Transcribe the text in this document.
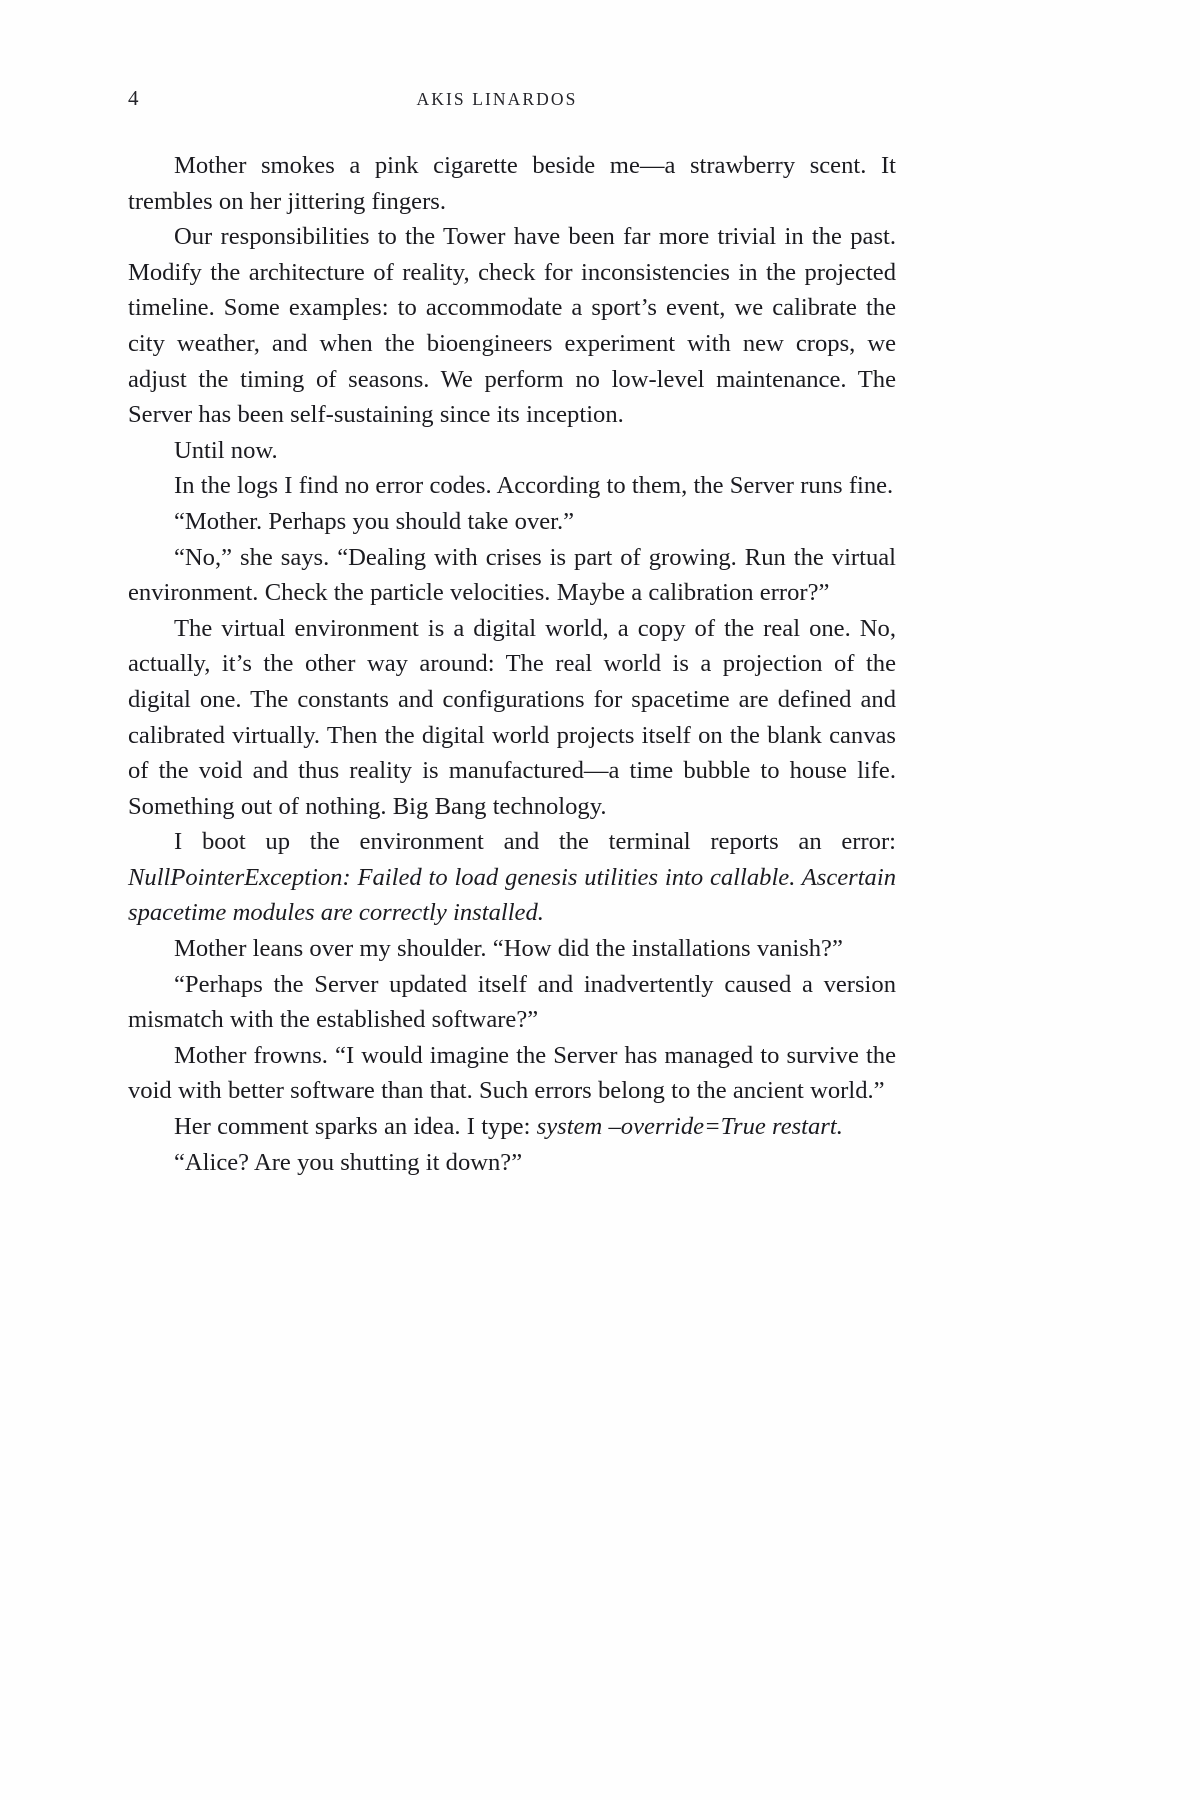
4	AKIS LINARDOS

Mother smokes a pink cigarette beside me—a strawberry scent. It trembles on her jittering fingers.

Our responsibilities to the Tower have been far more trivial in the past. Modify the architecture of reality, check for inconsistencies in the projected timeline. Some examples: to accommodate a sport’s event, we calibrate the city weather, and when the bioengineers experiment with new crops, we adjust the timing of seasons. We perform no low-level maintenance. The Server has been self-sustaining since its inception.

Until now.

In the logs I find no error codes. According to them, the Server runs fine.

“Mother. Perhaps you should take over.”

“No,” she says. “Dealing with crises is part of growing. Run the virtual environment. Check the particle velocities. Maybe a calibration error?”

The virtual environment is a digital world, a copy of the real one. No, actually, it’s the other way around: The real world is a projection of the digital one. The constants and configurations for spacetime are defined and calibrated virtually. Then the digital world projects itself on the blank canvas of the void and thus reality is manufactured—a time bubble to house life. Something out of nothing. Big Bang technology.

I boot up the environment and the terminal reports an error: NullPointerException: Failed to load genesis utilities into callable. Ascertain spacetime modules are correctly installed.

Mother leans over my shoulder. “How did the installations vanish?”

“Perhaps the Server updated itself and inadvertently caused a version mismatch with the established software?”

Mother frowns. “I would imagine the Server has managed to survive the void with better software than that. Such errors belong to the ancient world.”

Her comment sparks an idea. I type: system –override=True restart.

“Alice? Are you shutting it down?”
